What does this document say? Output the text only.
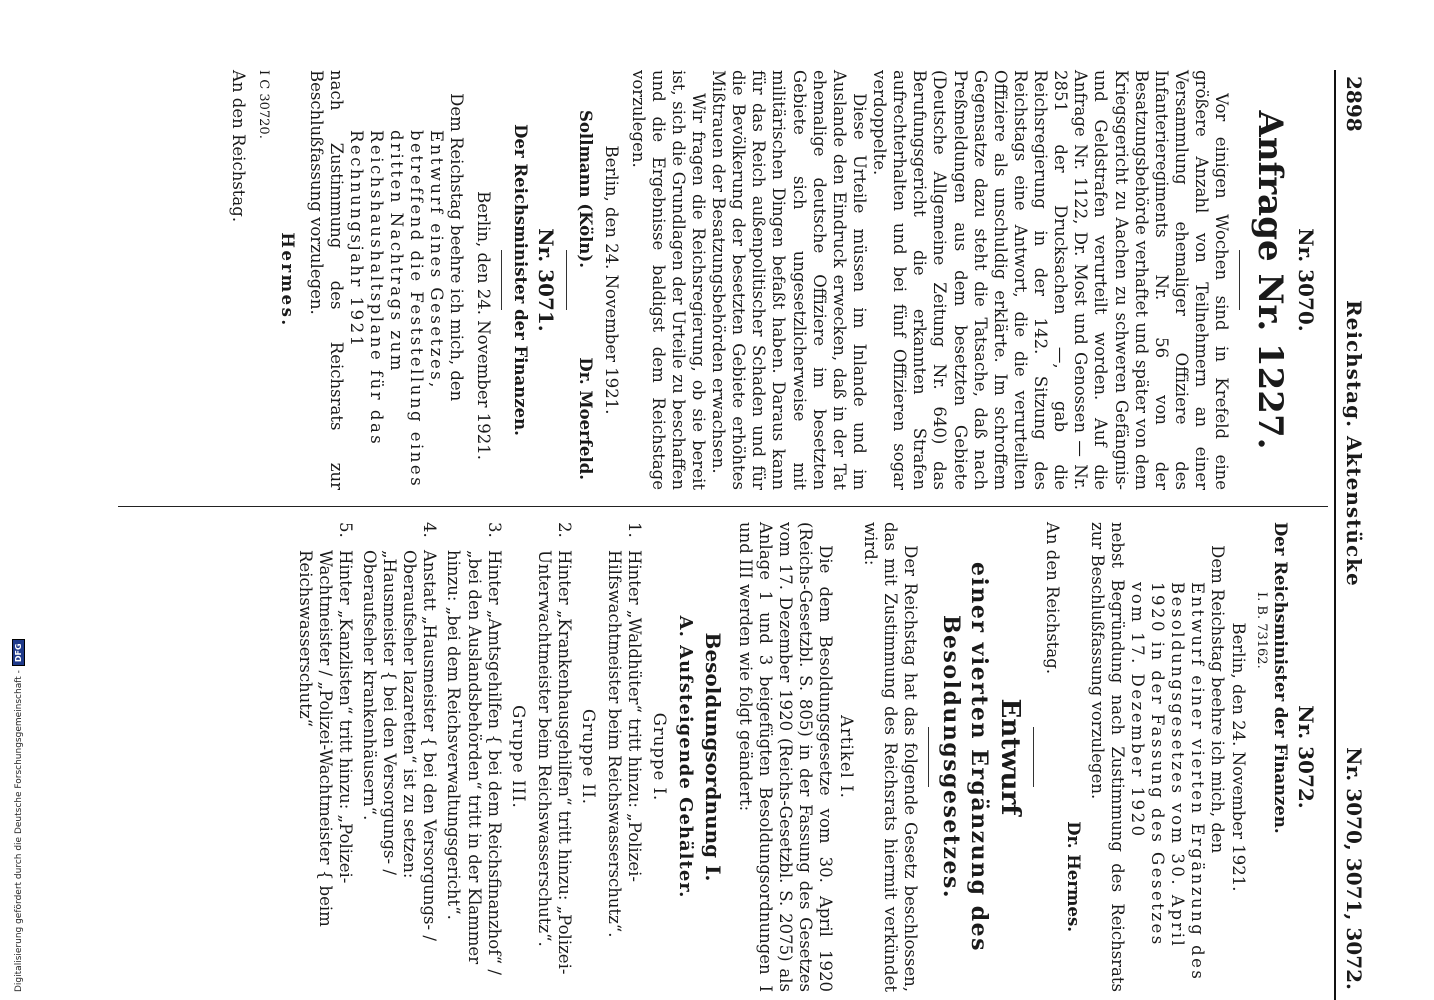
Digitalisierung gefördert durch die Deutsche Forschungsgemeinschaft -
DFG
2898
Reichstag. Aktenstücke
Nr. 3070, 3071, 3072.
Nr. 3070.
Anfrage Nr. 1227.

Vor einigen Wochen sind in Krefeld eine größere Anzahl von Teilnehmern an einer Versammlung ehemaliger Offiziere des Infanterieregiments Nr. 56 von der Besatzungsbehörde verhaftet und später von dem Kriegsgericht zu Aachen zu schweren Gefängnis- und Geldstrafen verurteilt worden. Auf die Anfrage Nr. 1122, Dr. Most und Genossen — Nr. 2851 der Drucksachen —, gab die Reichsregierung in der 142. Sitzung des Reichstags eine Antwort, die die verurteilten Offiziere als unschuldig erklärte. Im schroffem Gegensatze dazu steht die Tatsache, daß nach Preßmeldungen aus dem besetzten Gebiete (Deutsche Allgemeine Zeitung Nr. 640) das Berufungsgericht die erkannten Strafen aufrechterhalten und bei fünf Offizieren sogar verdoppelte.

Diese Urteile müssen im Inlande und im Auslande den Eindruck erwecken, daß in der Tat ehemalige deutsche Offiziere im besetzten Gebiete sich ungesetzlicherweise mit militärischen Dingen befaßt haben. Daraus kann für das Reich außenpolitischer Schaden und für die Bevölkerung der besetzten Gebiete erhöhtes Mißtrauen der Besatzungsbehörden erwachsen.

Wir fragen die Reichsregierung, ob sie bereit ist, sich die Grundlagen der Urteile zu beschaffen und die Ergebnisse baldigst dem Reichstage vorzulegen.

Berlin, den 24. November 1921.

Sollmann (Köln).
Dr. Moerfeld.
Nr. 3071.

Der Reichsminister der Finanzen.

Berlin, den 24. November 1921.

Dem Reichstag beehre ich mich, den

Entwurf eines Gesetzes, betreffend die Feststellung eines dritten Nachtrags zum Reichshaushaltsplane für das Rechnungsjahr 1921

nach Zustimmung des Reichsrats zur Beschlußfassung vorzulegen.

Hermes.

I C 30720.

An den Reichstag.

Nr. 3072.

Der Reichsminister der Finanzen.

I. B. 73162.

Berlin, den 24. November 1921.

Dem Reichstag beehre ich mich, den

Entwurf einer vierten Ergänzung des Besoldungsgesetzes vom 30. April 1920 in der Fassung des Gesetzes vom 17. Dezember 1920

nebst Begründung nach Zustimmung des Reichsrats zur Beschlußfassung vorzulegen.

Dr. Hermes.

An den Reichstag.

Entwurf
einer vierten Ergänzung des
Besoldungsgesetzes.

Der Reichstag hat das folgende Gesetz beschlossen, das mit Zustimmung des Reichsrats hiermit verkündet wird:

Artikel I.

Die dem Besoldungsgesetze vom 30. April 1920 (Reichs-Gesetzbl. S. 805) in der Fassung des Gesetzes vom 17. Dezember 1920 (Reichs-Gesetzbl. S. 2075) als Anlage 1 und 3 beigefügten Besoldungsordnungen I und III werden wie folgt geändert:

Besoldungsordnung I.
A. Aufsteigende Gehälter.
Gruppe I.
1.
Hinter „Waldhüter“ tritt hinzu: „Polizei-Hilfswachtmeister beim Reichswasserschutz“.
Gruppe II.
2.
Hinter „Krankenhausgehilfen“ tritt hinzu: „Polizei-Unterwachtmeister beim Reichswasserschutz“.
Gruppe III.
3.
Hinter „Amtsgehilfen { bei dem Reichsfinanzhof“ / „bei den Auslandsbehörden“ tritt in der Klammer hinzu: „bei dem Reichsverwaltungsgericht“.
4.
Anstatt „Hausmeister { bei den Versorgungs- / Oberaufseher lazaretten“ ist zu setzen: „Hausmeister { bei den Versorgungs- / Oberaufseher krankenhäusern“.
5.
Hinter „Kanzlisten“ tritt hinzu: „Polizei-Wachtmeister / „Polizei-Wachtmeister { beim Reichswasserschutz“
